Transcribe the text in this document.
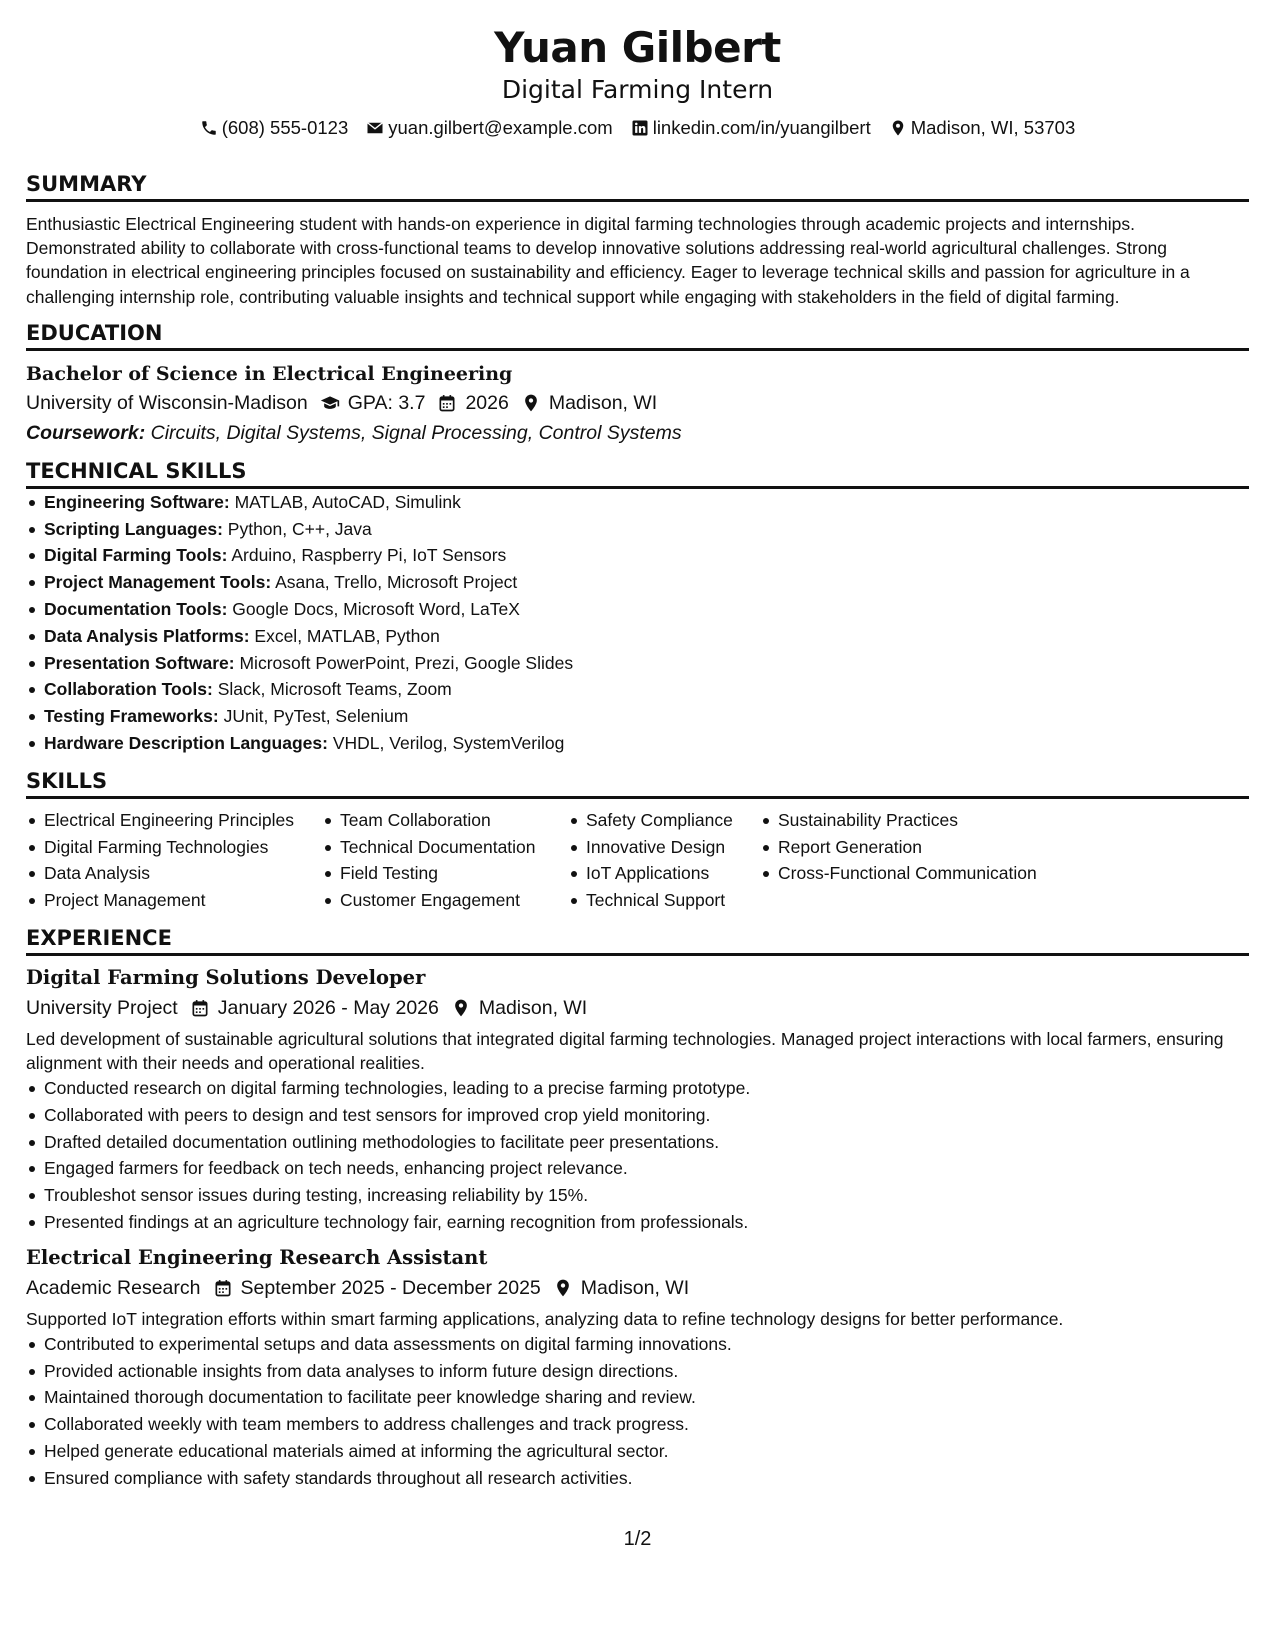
Yuan Gilbert
Digital Farming Intern
(608) 555-0123 yuan.gilbert@example.com linkedin.com/in/yuangilbert Madison, WI, 53703
SUMMARY
Enthusiastic Electrical Engineering student with hands-on experience in digital farming technologies through academic projects and internships. Demonstrated ability to collaborate with cross-functional teams to develop innovative solutions addressing real-world agricultural challenges. Strong foundation in electrical engineering principles focused on sustainability and efficiency. Eager to leverage technical skills and passion for agriculture in a challenging internship role, contributing valuable insights and technical support while engaging with stakeholders in the field of digital farming.
EDUCATION
Bachelor of Science in Electrical Engineering
University of Wisconsin-Madison GPA: 3.7 2026 Madison, WI
Coursework: Circuits, Digital Systems, Signal Processing, Control Systems
TECHNICAL SKILLS
Engineering Software: MATLAB, AutoCAD, Simulink
Scripting Languages: Python, C++, Java
Digital Farming Tools: Arduino, Raspberry Pi, IoT Sensors
Project Management Tools: Asana, Trello, Microsoft Project
Documentation Tools: Google Docs, Microsoft Word, LaTeX
Data Analysis Platforms: Excel, MATLAB, Python
Presentation Software: Microsoft PowerPoint, Prezi, Google Slides
Collaboration Tools: Slack, Microsoft Teams, Zoom
Testing Frameworks: JUnit, PyTest, Selenium
Hardware Description Languages: VHDL, Verilog, SystemVerilog
SKILLS
Electrical Engineering Principles
Digital Farming Technologies
Data Analysis
Project Management
Team Collaboration
Technical Documentation
Field Testing
Customer Engagement
Safety Compliance
Innovative Design
IoT Applications
Technical Support
Sustainability Practices
Report Generation
Cross-Functional Communication
EXPERIENCE
Digital Farming Solutions Developer
University Project January 2026 - May 2026 Madison, WI
Led development of sustainable agricultural solutions that integrated digital farming technologies. Managed project interactions with local farmers, ensuring alignment with their needs and operational realities.
Conducted research on digital farming technologies, leading to a precise farming prototype.
Collaborated with peers to design and test sensors for improved crop yield monitoring.
Drafted detailed documentation outlining methodologies to facilitate peer presentations.
Engaged farmers for feedback on tech needs, enhancing project relevance.
Troubleshot sensor issues during testing, increasing reliability by 15%.
Presented findings at an agriculture technology fair, earning recognition from professionals.
Electrical Engineering Research Assistant
Academic Research September 2025 - December 2025 Madison, WI
Supported IoT integration efforts within smart farming applications, analyzing data to refine technology designs for better performance.
Contributed to experimental setups and data assessments on digital farming innovations.
Provided actionable insights from data analyses to inform future design directions.
Maintained thorough documentation to facilitate peer knowledge sharing and review.
Collaborated weekly with team members to address challenges and track progress.
Helped generate educational materials aimed at informing the agricultural sector.
Ensured compliance with safety standards throughout all research activities.
1/2
